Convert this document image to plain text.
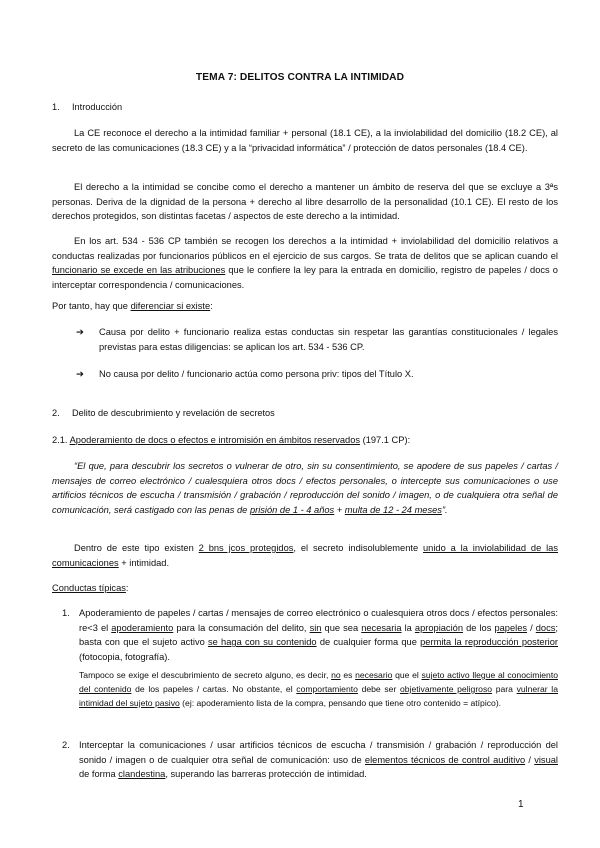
TEMA 7: DELITOS CONTRA LA INTIMIDAD
1. Introducción
La CE reconoce el derecho a la intimidad familiar + personal (18.1 CE), a la inviolabilidad del domicilio (18.2 CE), al secreto de las comunicaciones (18.3 CE) y a la “privacidad informática” / protección de datos personales (18.4 CE).
El derecho a la intimidad se concibe como el derecho a mantener un ámbito de reserva del que se excluye a 3ªs personas. Deriva de la dignidad de la persona + derecho al libre desarrollo de la personalidad (10.1 CE). El resto de los derechos protegidos, son distintas facetas / aspectos de este derecho a la intimidad.
En los art. 534 - 536 CP también se recogen los derechos a la intimidad + inviolabilidad del domicilio relativos a conductas realizadas por funcionarios públicos en el ejercicio de sus cargos. Se trata de delitos que se aplican cuando el funcionario se excede en las atribuciones que le confiere la ley para la entrada en domicilio, registro de papeles / docs o interceptar correspondencia / comunicaciones.
Por tanto, hay que diferenciar si existe:
➔	Causa por delito + funcionario realiza estas conductas sin respetar las garantías constitucionales / legales previstas para estas diligencias: se aplican los art. 534 - 536 CP.
➔	No causa por delito / funcionario actúa como persona priv: tipos del Título X.
2. Delito de descubrimiento y revelación de secretos
2.1. Apoderamiento de docs o efectos e intromisión en ámbitos reservados (197.1 CP):
“El que, para descubrir los secretos o vulnerar de otro, sin su consentimiento, se apodere de sus papeles / cartas / mensajes de correo electrónico / cualesquiera otros docs / efectos personales, o intercepte sus comunicaciones o use artificios técnicos de escucha / transmisión / grabación / reproducción del sonido / imagen, o de cualquiera otra señal de comunicación, será castigado con las penas de prisión de 1 - 4 años + multa de 12 - 24 meses”.
Dentro de este tipo existen 2 bns jcos protegidos, el secreto indisolublemente unido a la inviolabilidad de las comunicaciones + intimidad.
Conductas típicas:
1. Apoderamiento de papeles / cartas / mensajes de correo electrónico o cualesquiera otros docs / efectos personales: re<3 el apoderamiento para la consumación del delito, sin que sea necesaria la apropiación de los papeles / docs; basta con que el sujeto activo se haga con su contenido de cualquier forma que permita la reproducción posterior (fotocopia, fotografía).
Tampoco se exige el descubrimiento de secreto alguno, es decir, no es necesario que el sujeto activo llegue al conocimiento del contenido de los papeles / cartas. No obstante, el comportamiento debe ser objetivamente peligroso para vulnerar la intimidad del sujeto pasivo (ej: apoderamiento lista de la compra, pensando que tiene otro contenido = atípico).
2. Interceptar la comunicaciones / usar artificios técnicos de escucha / transmisión / grabación / reproducción del sonido / imagen o de cualquier otra señal de comunicación: uso de elementos técnicos de control auditivo / visual de forma clandestina, superando las barreras protección de intimidad.
1
